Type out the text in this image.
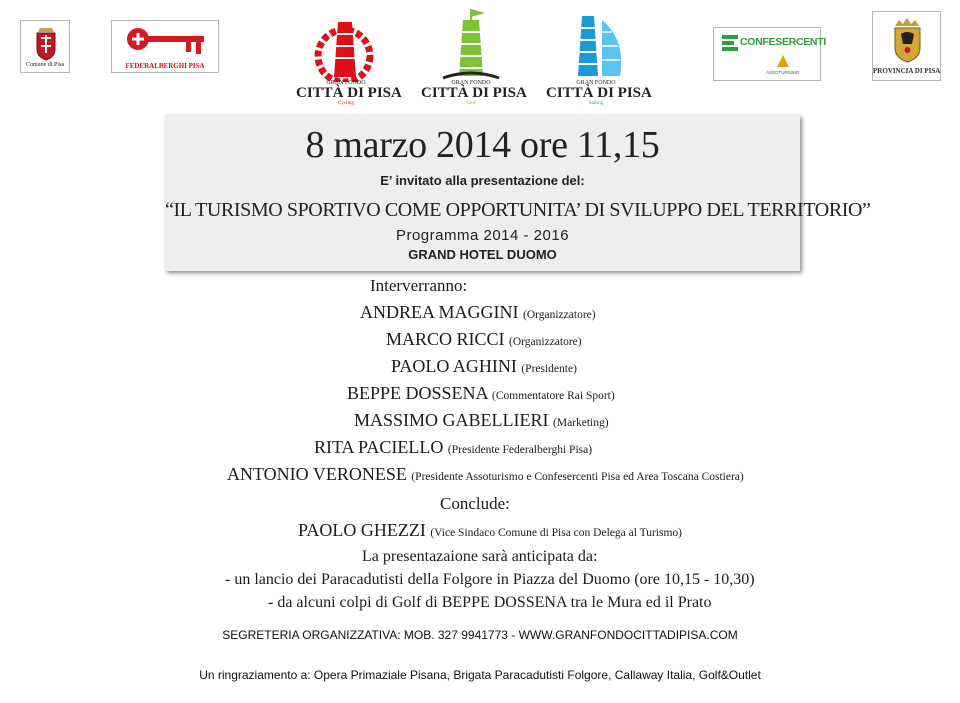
Comune di Pisa	FEDERALBERGHI PISA
GRAN FONDO
CITTÀ DI PISA
Cycling
GRAN FONDO
CITTÀ DI PISA
Golf
GRAN FONDO
CITTÀ DI PISA
Sailing
CONFESERCENTI
ASSOTURISMO	PROVINCIA DI PISA
8 marzo 2014 ore 11,15
E’ invitato alla presentazione del:
“IL TURISMO SPORTIVO COME OPPORTUNITA’ DI SVILUPPO DEL TERRITORIO”
Programma 2014 - 2016
GRAND HOTEL DUOMO
Interverranno:
ANDREA MAGGINI (Organizzatore)
MARCO RICCI (Organizzatore)
PAOLO AGHINI (Presidente)
BEPPE DOSSENA (Commentatore Rai Sport)
MASSIMO GABELLIERI (Marketing)
RITA PACIELLO (Presidente Federalberghi Pisa)
ANTONIO VERONESE (Presidente Assoturismo e Confesercenti Pisa ed Area Toscana Costiera)
Conclude:
PAOLO GHEZZI (Vice Sindaco Comune di Pisa con Delega al Turismo)
La presentazaione sarà anticipata da:
- un lancio dei Paracadutisti della Folgore in Piazza del Duomo (ore 10,15 - 10,30)
- da alcuni colpi di Golf di BEPPE DOSSENA tra le Mura ed il Prato
SEGRETERIA ORGANIZZATIVA: MOB. 327 9941773 - WWW.GRANFONDOCITTADIPISA.COM
Un ringraziamento a: Opera Primaziale Pisana, Brigata Paracadutisti Folgore, Callaway Italia, Golf&Outlet
